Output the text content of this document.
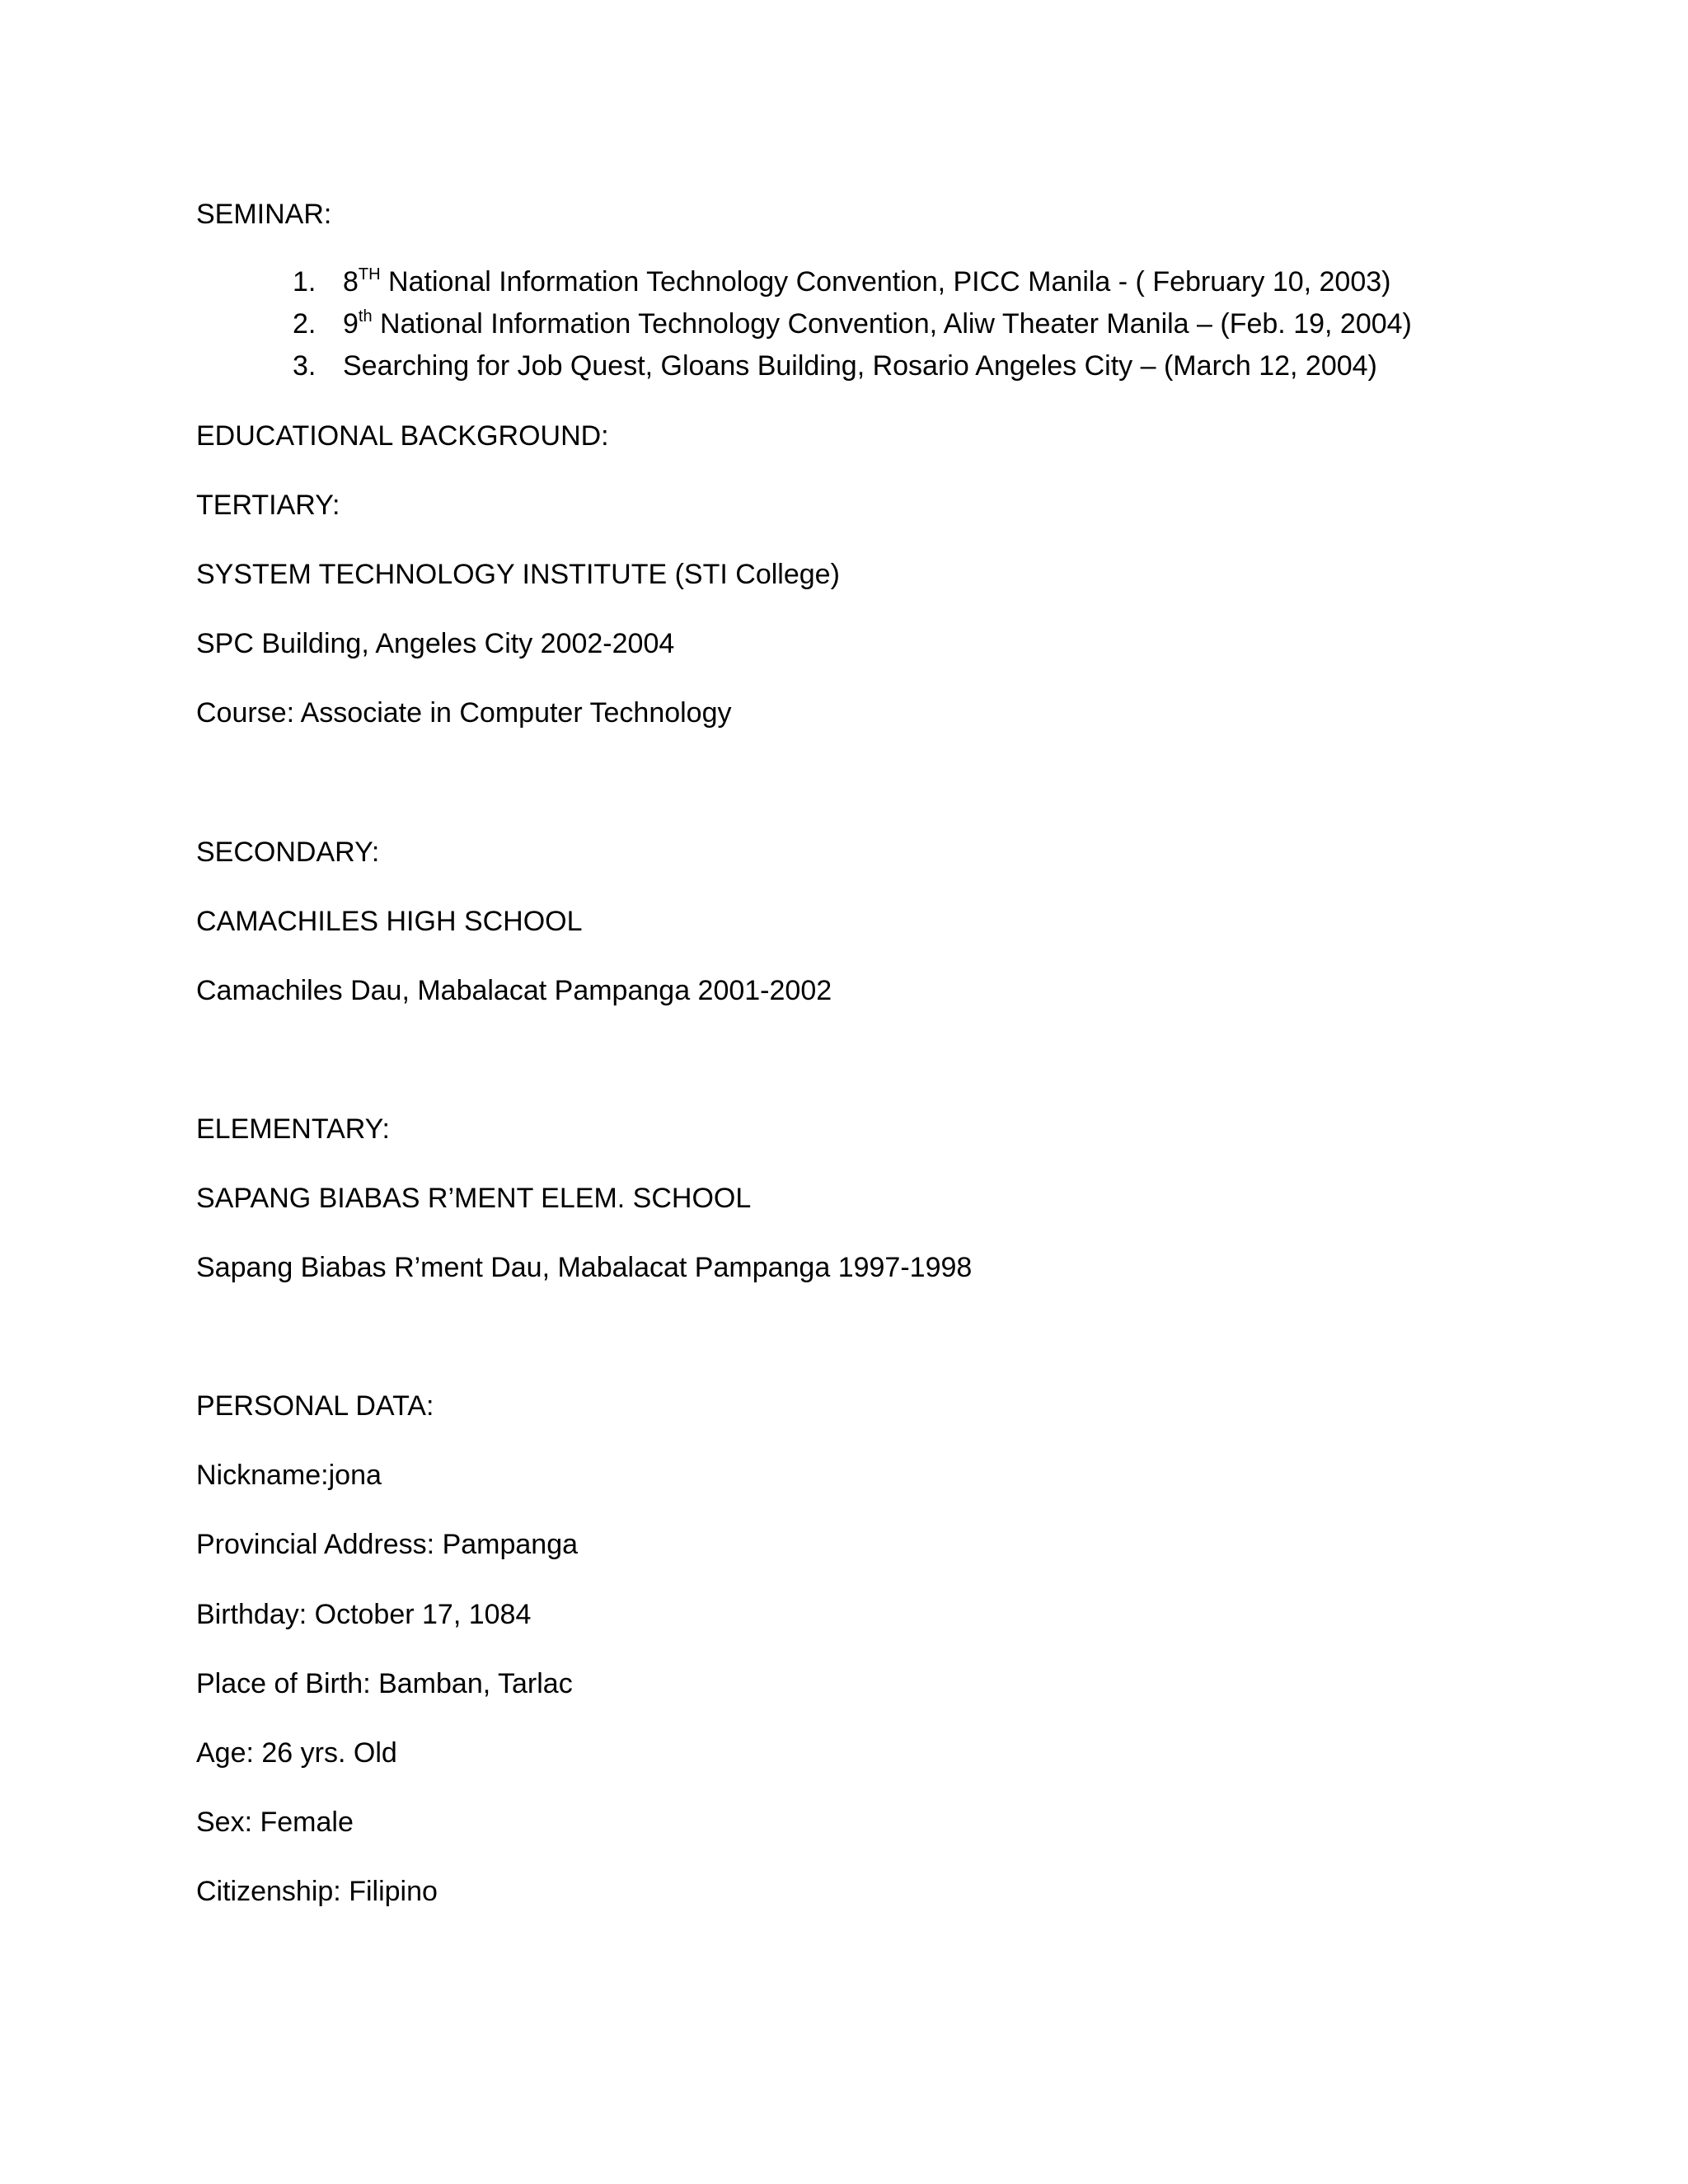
SEMINAR:
1. 8TH National Information Technology Convention, PICC Manila - ( February 10, 2003)
2. 9th National Information Technology Convention, Aliw Theater Manila – (Feb. 19, 2004)
3. Searching for Job Quest, Gloans Building, Rosario Angeles City – (March 12, 2004)
EDUCATIONAL BACKGROUND:
TERTIARY:
SYSTEM TECHNOLOGY INSTITUTE (STI College)
SPC Building, Angeles City 2002-2004
Course: Associate in Computer Technology
SECONDARY:
CAMACHILES HIGH SCHOOL
Camachiles Dau, Mabalacat Pampanga 2001-2002
ELEMENTARY:
SAPANG BIABAS R’MENT ELEM. SCHOOL
Sapang Biabas R’ment Dau, Mabalacat Pampanga 1997-1998
PERSONAL DATA:
Nickname:jona
Provincial Address: Pampanga
Birthday: October 17, 1084
Place of Birth: Bamban, Tarlac
Age: 26 yrs. Old
Sex: Female
Citizenship: Filipino
